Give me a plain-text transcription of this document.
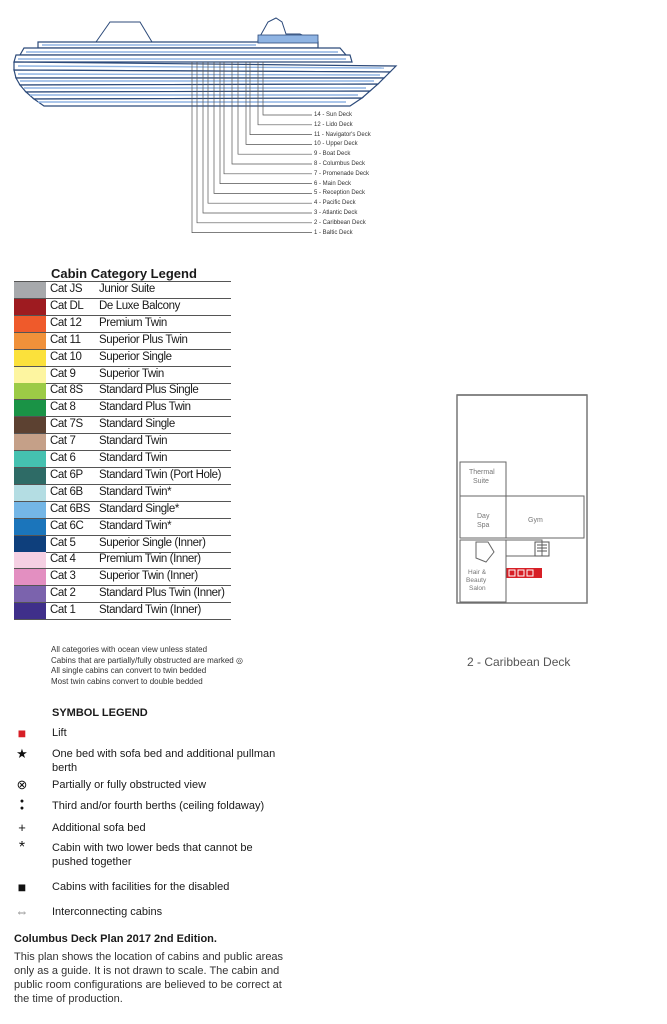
14 - Sun Deck
12 - Lido Deck
11 - Navigator's Deck
10 - Upper Deck
9 - Boat Deck
8 - Columbus Deck
7 - Promenade Deck
6 - Main Deck
5 - Reception Deck
4 - Pacific Deck
3 - Atlantic Deck
2 - Caribbean Deck
1 - Baltic Deck
Cabin Category Legend
Cat JS Junior Suite
Cat DL De Luxe Balcony
Cat 12 Premium Twin
Cat 11 Superior Plus Twin
Cat 10 Superior Single
Cat 9 Superior Twin
Cat 8S Standard Plus Single
Cat 8 Standard Plus Twin
Cat 7S Standard Single
Cat 7 Standard Twin
Cat 6 Standard Twin
Cat 6P Standard Twin (Port Hole)
Cat 6B Standard Twin*
Cat 6BS Standard Single*
Cat 6C Standard Twin*
Cat 5 Superior Single (Inner)
Cat 4 Premium Twin (Inner)
Cat 3 Superior Twin (Inner)
Cat 2 Standard Plus Twin (Inner)
Cat 1 Standard Twin (Inner)
All categories with ocean view unless stated
Cabins that are partially/fully obstructed are marked ◎
All single cabins can convert to twin bedded
Most twin cabins convert to double bedded
SYMBOL LEGEND
■	Lift
★	One bed with sofa bed and additional pullman berth
⊗	Partially or fully obstructed view
●
●	Third and/or fourth berths (ceiling foldaway)
+	Additional sofa bed
*	Cabin with two lower beds that cannot be pushed together
■	Cabins with facilities for the disabled
⇔	Interconnecting cabins
Columbus Deck Plan 2017 2nd Edition.
This plan shows the location of cabins and public areas only as a guide. It is not drawn to scale. The cabin and public room configurations are believed to be correct at the time of production.
Thermal Suite
Day Spa
Gym
Hair & Beauty Salon
2 - Caribbean Deck
